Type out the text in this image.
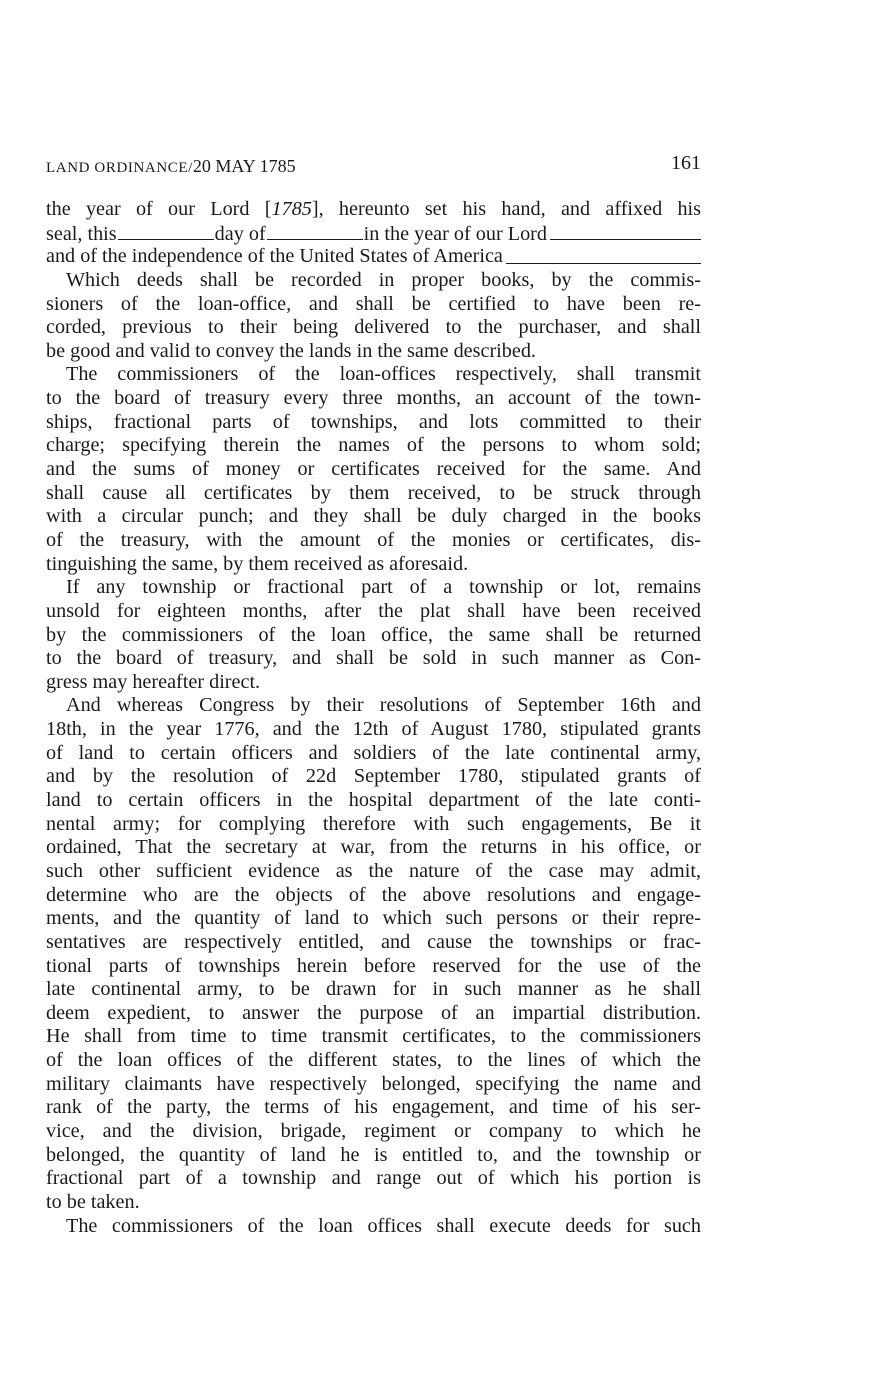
LAND ORDINANCE/20 MAY 1785	161
the year of our Lord [1785], hereunto set his hand, and affixed his
seal, this	day of	in the year of our Lord
and of the independence of the United States of America
Which deeds shall be recorded in proper books, by the commis-
sioners of the loan-office, and shall be certified to have been re-
corded, previous to their being delivered to the purchaser, and shall
be good and valid to convey the lands in the same described.
The commissioners of the loan-offices respectively, shall transmit
to the board of treasury every three months, an account of the town-
ships, fractional parts of townships, and lots committed to their
charge; specifying therein the names of the persons to whom sold;
and the sums of money or certificates received for the same. And
shall cause all certificates by them received, to be struck through
with a circular punch; and they shall be duly charged in the books
of the treasury, with the amount of the monies or certificates, dis-
tinguishing the same, by them received as aforesaid.
If any township or fractional part of a township or lot, remains
unsold for eighteen months, after the plat shall have been received
by the commissioners of the loan office, the same shall be returned
to the board of treasury, and shall be sold in such manner as Con-
gress may hereafter direct.
And whereas Congress by their resolutions of September 16th and
18th, in the year 1776, and the 12th of August 1780, stipulated grants
of land to certain officers and soldiers of the late continental army,
and by the resolution of 22d September 1780, stipulated grants of
land to certain officers in the hospital department of the late conti-
nental army; for complying therefore with such engagements, Be it
ordained, That the secretary at war, from the returns in his office, or
such other sufficient evidence as the nature of the case may admit,
determine who are the objects of the above resolutions and engage-
ments, and the quantity of land to which such persons or their repre-
sentatives are respectively entitled, and cause the townships or frac-
tional parts of townships herein before reserved for the use of the
late continental army, to be drawn for in such manner as he shall
deem expedient, to answer the purpose of an impartial distribution.
He shall from time to time transmit certificates, to the commissioners
of the loan offices of the different states, to the lines of which the
military claimants have respectively belonged, specifying the name and
rank of the party, the terms of his engagement, and time of his ser-
vice, and the division, brigade, regiment or company to which he
belonged, the quantity of land he is entitled to, and the township or
fractional part of a township and range out of which his portion is
to be taken.
The commissioners of the loan offices shall execute deeds for such
